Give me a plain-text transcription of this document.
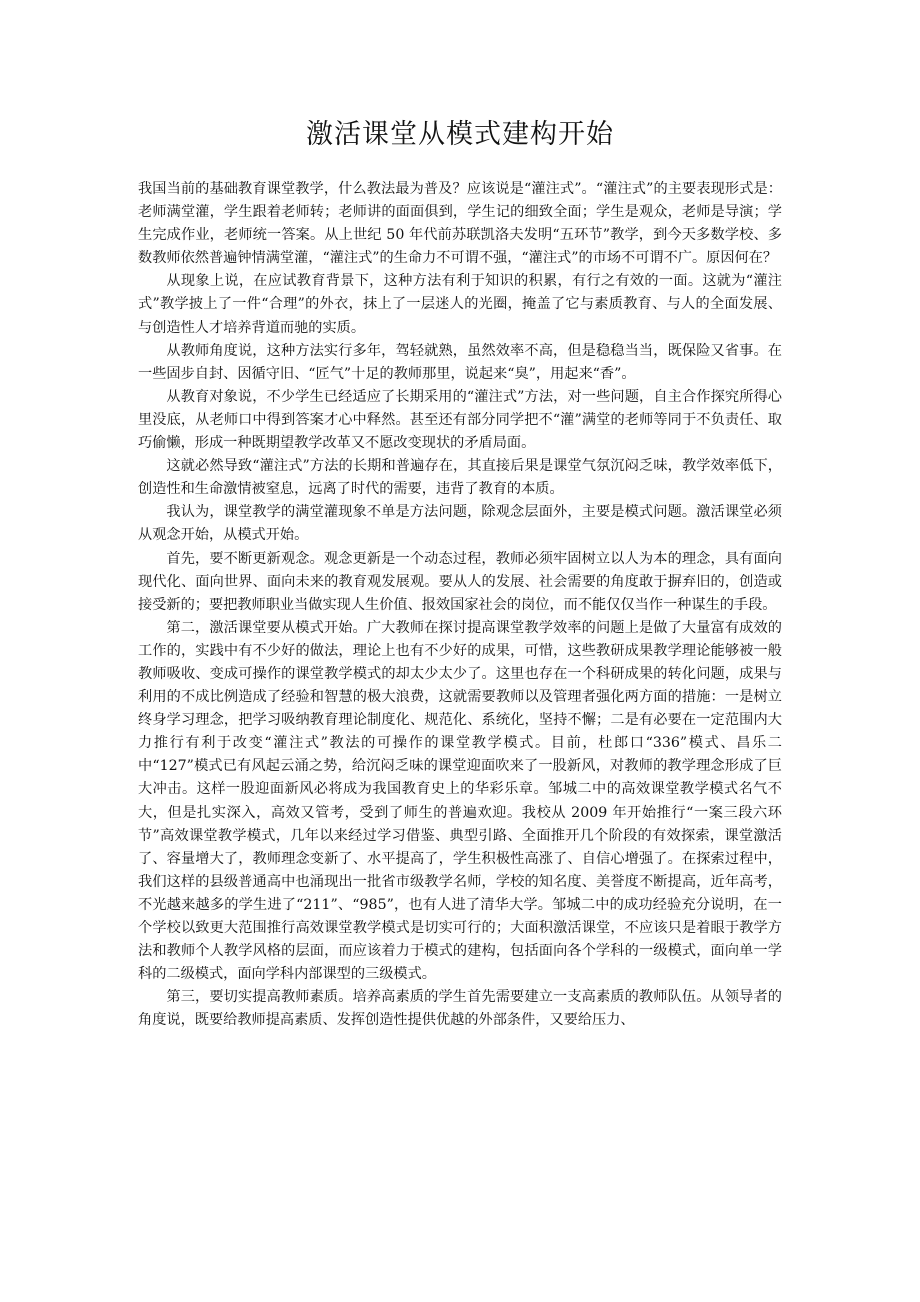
激活课堂从模式建构开始

我国当前的基础教育课堂教学，什么教法最为普及？应该说是“灌注式”。“灌注式”的主要表现形式是：老师满堂灌，学生跟着老师转；老师讲的面面俱到，学生记的细致全面；学生是观众，老师是导演；学生完成作业，老师统一答案。从上世纪 50 年代前苏联凯洛夫发明“五环节”教学，到今天多数学校、多数教师依然普遍钟情满堂灌，“灌注式”的生命力不可谓不强，“灌注式”的市场不可谓不广。原因何在？

从现象上说，在应试教育背景下，这种方法有利于知识的积累，有行之有效的一面。这就为“灌注式”教学披上了一件“合理”的外衣，抹上了一层迷人的光圈，掩盖了它与素质教育、与人的全面发展、与创造性人才培养背道而驰的实质。

从教师角度说，这种方法实行多年，驾轻就熟，虽然效率不高，但是稳稳当当，既保险又省事。在一些固步自封、因循守旧、“匠气”十足的教师那里，说起来“臭”，用起来“香”。

从教育对象说，不少学生已经适应了长期采用的“灌注式”方法，对一些问题，自主合作探究所得心里没底，从老师口中得到答案才心中释然。甚至还有部分同学把不“灌”满堂的老师等同于不负责任、取巧偷懒，形成一种既期望教学改革又不愿改变现状的矛盾局面。

这就必然导致“灌注式”方法的长期和普遍存在，其直接后果是课堂气氛沉闷乏味，教学效率低下，创造性和生命激情被窒息，远离了时代的需要，违背了教育的本质。

我认为，课堂教学的满堂灌现象不单是方法问题，除观念层面外，主要是模式问题。激活课堂必须从观念开始，从模式开始。

首先，要不断更新观念。观念更新是一个动态过程，教师必须牢固树立以人为本的理念，具有面向现代化、面向世界、面向未来的教育观发展观。要从人的发展、社会需要的角度敢于摒弃旧的，创造或接受新的；要把教师职业当做实现人生价值、报效国家社会的岗位，而不能仅仅当作一种谋生的手段。

第二，激活课堂要从模式开始。广大教师在探讨提高课堂教学效率的问题上是做了大量富有成效的工作的，实践中有不少好的做法，理论上也有不少好的成果，可惜，这些教研成果教学理论能够被一般教师吸收、变成可操作的课堂教学模式的却太少太少了。这里也存在一个科研成果的转化问题，成果与利用的不成比例造成了经验和智慧的极大浪费，这就需要教师以及管理者强化两方面的措施：一是树立终身学习理念，把学习吸纳教育理论制度化、规范化、系统化，坚持不懈；二是有必要在一定范围内大力推行有利于改变“灌注式”教法的可操作的课堂教学模式。目前，杜郎口“336”模式、昌乐二中“127”模式已有风起云涌之势，给沉闷乏味的课堂迎面吹来了一股新风，对教师的教学理念形成了巨大冲击。这样一股迎面新风必将成为我国教育史上的华彩乐章。邹城二中的高效课堂教学模式名气不大，但是扎实深入，高效又管考，受到了师生的普遍欢迎。我校从 2009 年开始推行“一案三段六环节”高效课堂教学模式，几年以来经过学习借鉴、典型引路、全面推开几个阶段的有效探索，课堂激活了、容量增大了，教师理念变新了、水平提高了，学生积极性高涨了、自信心增强了。在探索过程中，我们这样的县级普通高中也涌现出一批省市级教学名师，学校的知名度、美誉度不断提高，近年高考，不光越来越多的学生进了“211”、“985”，也有人进了清华大学。邹城二中的成功经验充分说明，在一个学校以致更大范围推行高效课堂教学模式是切实可行的；大面积激活课堂，不应该只是着眼于教学方法和教师个人教学风格的层面，而应该着力于模式的建构，包括面向各个学科的一级模式，面向单一学科的二级模式，面向学科内部课型的三级模式。

第三，要切实提高教师素质。培养高素质的学生首先需要建立一支高素质的教师队伍。从领导者的角度说，既要给教师提高素质、发挥创造性提供优越的外部条件，又要给压力、
